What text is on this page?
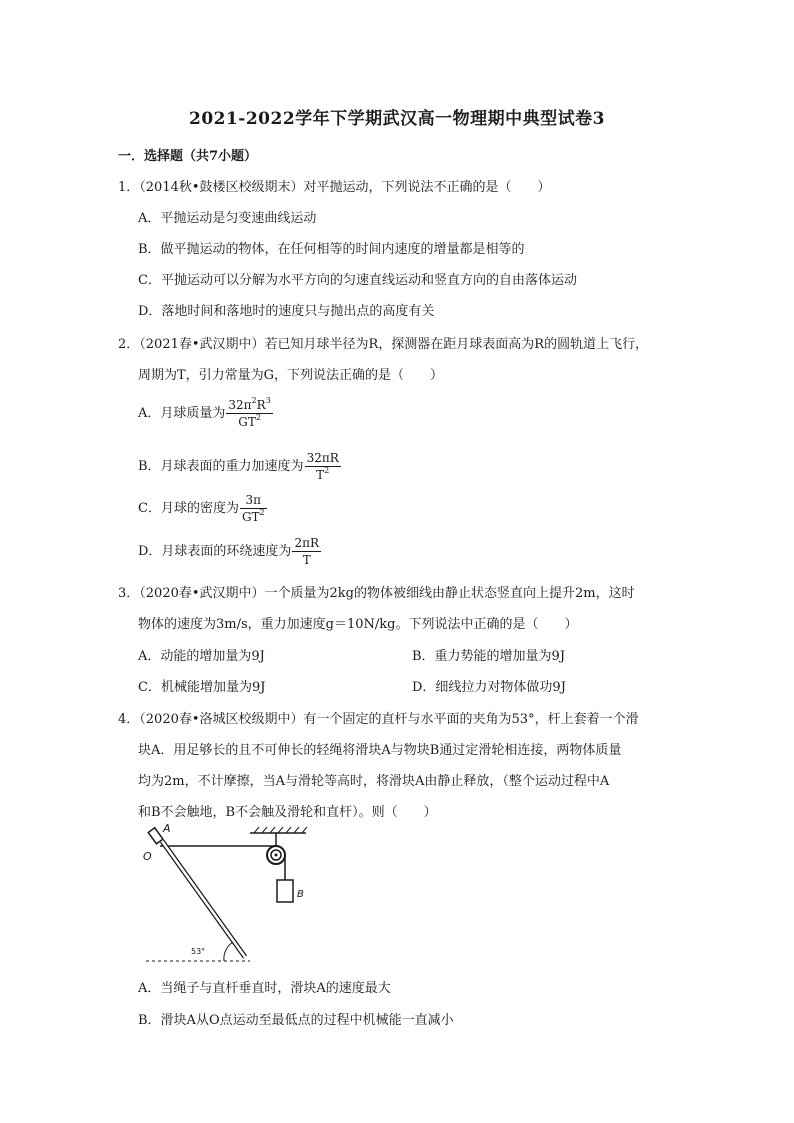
2021-2022学年下学期武汉高一物理期中典型试卷3
一．选择题（共7小题）
1．（2014秋•鼓楼区校级期末）对平抛运动，下列说法不正确的是（　　）
A．平抛运动是匀变速曲线运动
B．做平抛运动的物体，在任何相等的时间内速度的增量都是相等的
C．平抛运动可以分解为水平方向的匀速直线运动和竖直方向的自由落体运动
D．落地时间和落地时的速度只与抛出点的高度有关
2．（2021春•武汉期中）若已知月球半径为R，探测器在距月球表面高为R的圆轨道上飞行，
周期为T，引力常量为G，下列说法正确的是（　　）
A．月球质量为 $\frac{32\pi^2R^3}{GT^2}$
B．月球表面的重力加速度为 $\frac{32\pi R}{T^2}$
C．月球的密度为 $\frac{3\pi}{GT^2}$
D．月球表面的环绕速度为 $\frac{2\pi R}{T}$
3．（2020春•武汉期中）一个质量为2kg的物体被细线由静止状态竖直向上提升2m，这时
物体的速度为3m/s，重力加速度g＝10N/kg。下列说法中正确的是（　　）
A．动能的增加量为9J	B．重力势能的增加量为9J
C．机械能增加量为9J	D．细线拉力对物体做功9J
4．（2020春•洛城区校级期中）有一个固定的直杆与水平面的夹角为53°，杆上套着一个滑
块A．用足够长的且不可伸长的轻绳将滑块A与物块B通过定滑轮相连接，两物体质量
均为2m，不计摩擦，当A与滑轮等高时，将滑块A由静止释放，（整个运动过程中A
和B不会触地，B不会触及滑轮和直杆）。则（　　）
A
O
B
53°
A．当绳子与直杆垂直时，滑块A的速度最大
B．滑块A从O点运动至最低点的过程中机械能一直减小
